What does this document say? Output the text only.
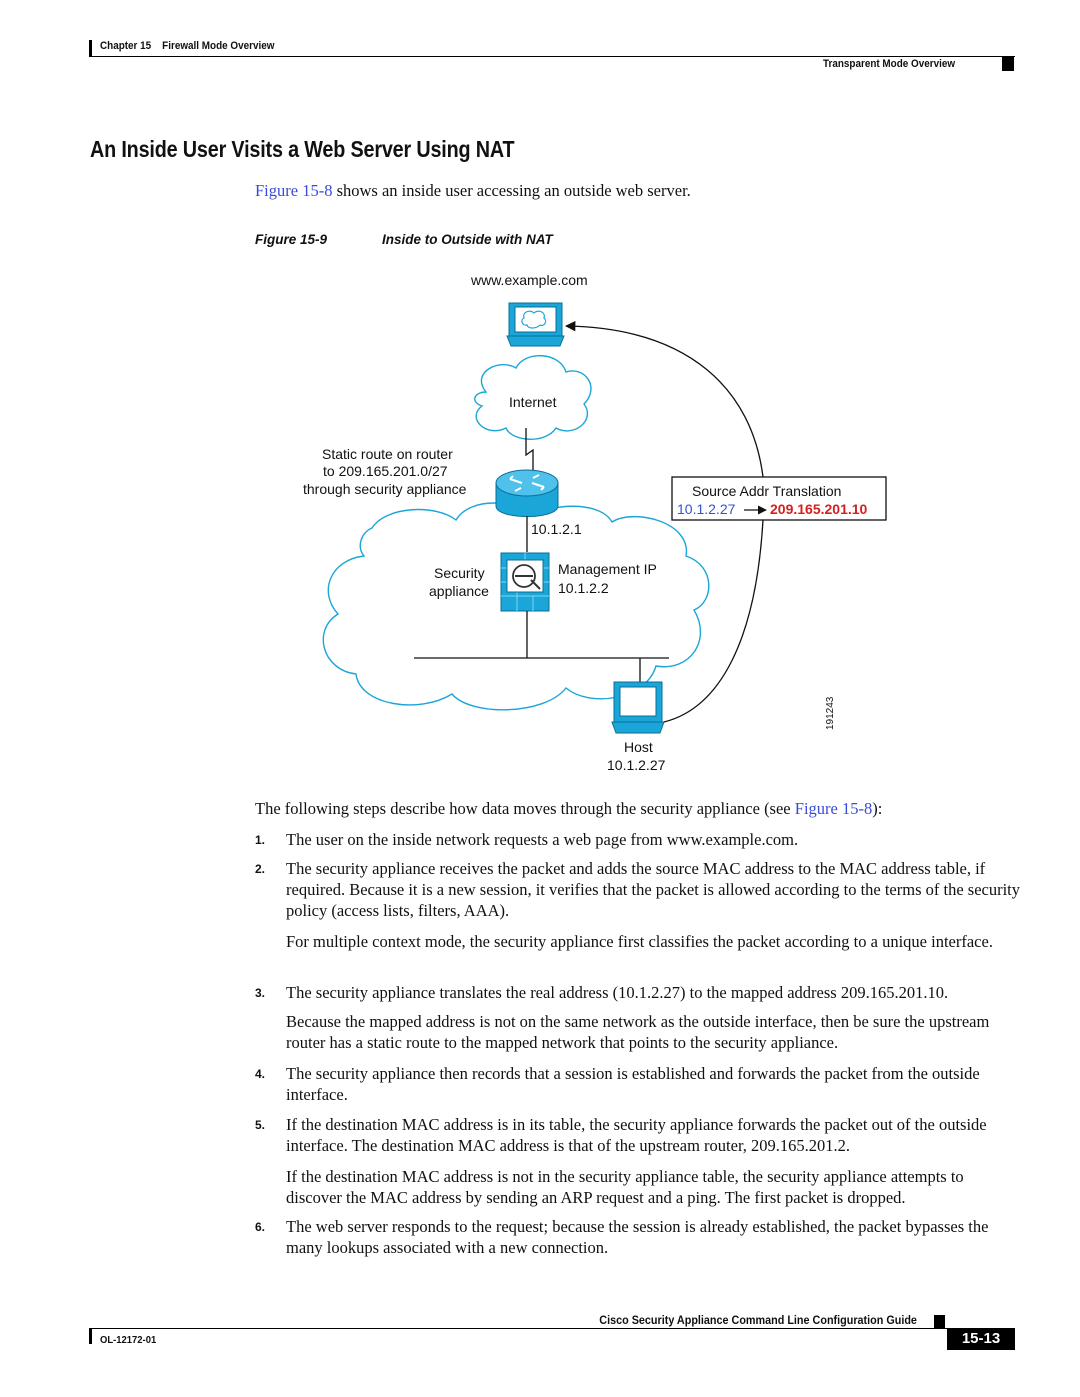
Chapter 15 Firewall Mode Overview
Transparent Mode Overview
An Inside User Visits a Web Server Using NAT
Figure 15-8 shows an inside user accessing an outside web server.
Figure 15-9	Inside to Outside with NAT
www.example.com
Internet
Static route on router
to 209.165.201.0/27
through security appliance
10.1.2.1
Security
appliance
Management IP
10.1.2.2
Source Addr Translation
10.1.2.27 209.165.201.10
Host
10.1.2.27
191243
The following steps describe how data moves through the security appliance (see Figure 15-8):
1. The user on the inside network requests a web page from www.example.com.
2. The security appliance receives the packet and adds the source MAC address to the MAC address table, if required. Because it is a new session, it verifies that the packet is allowed according to the terms of the security policy (access lists, filters, AAA).
For multiple context mode, the security appliance first classifies the packet according to a unique interface.
3. The security appliance translates the real address (10.1.2.27) to the mapped address 209.165.201.10.
Because the mapped address is not on the same network as the outside interface, then be sure the upstream router has a static route to the mapped network that points to the security appliance.
4. The security appliance then records that a session is established and forwards the packet from the outside interface.
5. If the destination MAC address is in its table, the security appliance forwards the packet out of the outside interface. The destination MAC address is that of the upstream router, 209.165.201.2.
If the destination MAC address is not in the security appliance table, the security appliance attempts to discover the MAC address by sending an ARP request and a ping. The first packet is dropped.
6. The web server responds to the request; because the session is already established, the packet bypasses the many lookups associated with a new connection.
Cisco Security Appliance Command Line Configuration Guide
OL-12172-01	15-13
